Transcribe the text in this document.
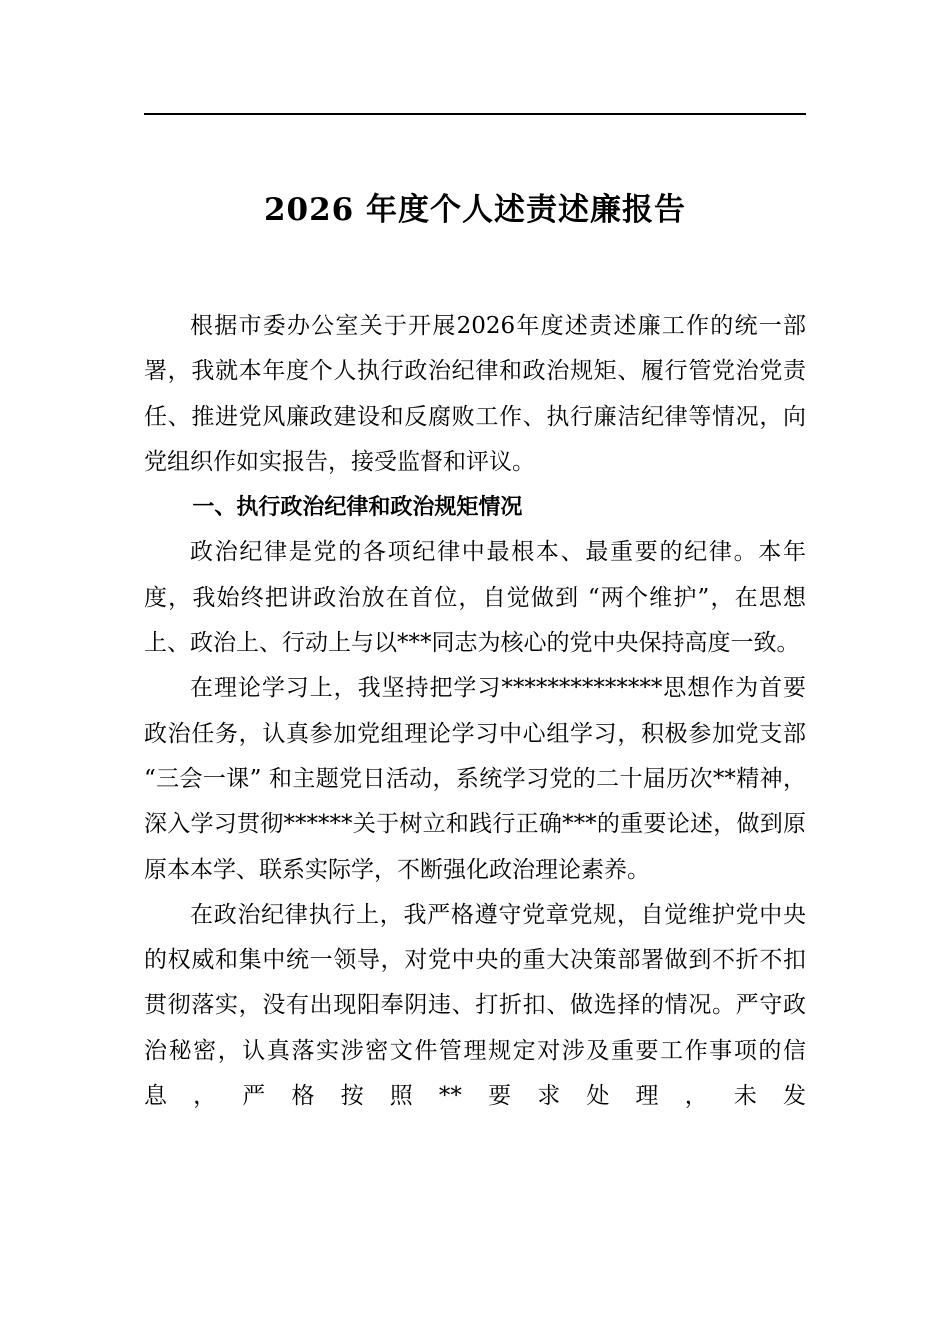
2026 年度个人述责述廉报告

根据市委办公室关于开展2026年度述责述廉工作的统一部署，我就本年度个人执行政治纪律和政治规矩、履行管党治党责任、推进党风廉政建设和反腐败工作、执行廉洁纪律等情况，向党组织作如实报告，接受监督和评议。

一、执行政治纪律和政治规矩情况

政治纪律是党的各项纪律中最根本、最重要的纪律。本年度，我始终把讲政治放在首位，自觉做到 “两个维护”，在思想上、政治上、行动上与以***同志为核心的党中央保持高度一致。

在理论学习上，我坚持把学习**************思想作为首要政治任务，认真参加党组理论学习中心组学习，积极参加党支部 “三会一课” 和主题党日活动，系统学习党的二十届历次**精神，深入学习贯彻******关于树立和践行正确***的重要论述，做到原原本本学、联系实际学，不断强化政治理论素养。

在政治纪律执行上，我严格遵守党章党规，自觉维护党中央的权威和集中统一领导，对党中央的重大决策部署做到不折不扣贯彻落实，没有出现阳奉阴违、打折扣、做选择的情况。严守政治秘密，认真落实涉密文件管理规定对涉及重要工作事项的信息，严格按照**要求处理，未发
